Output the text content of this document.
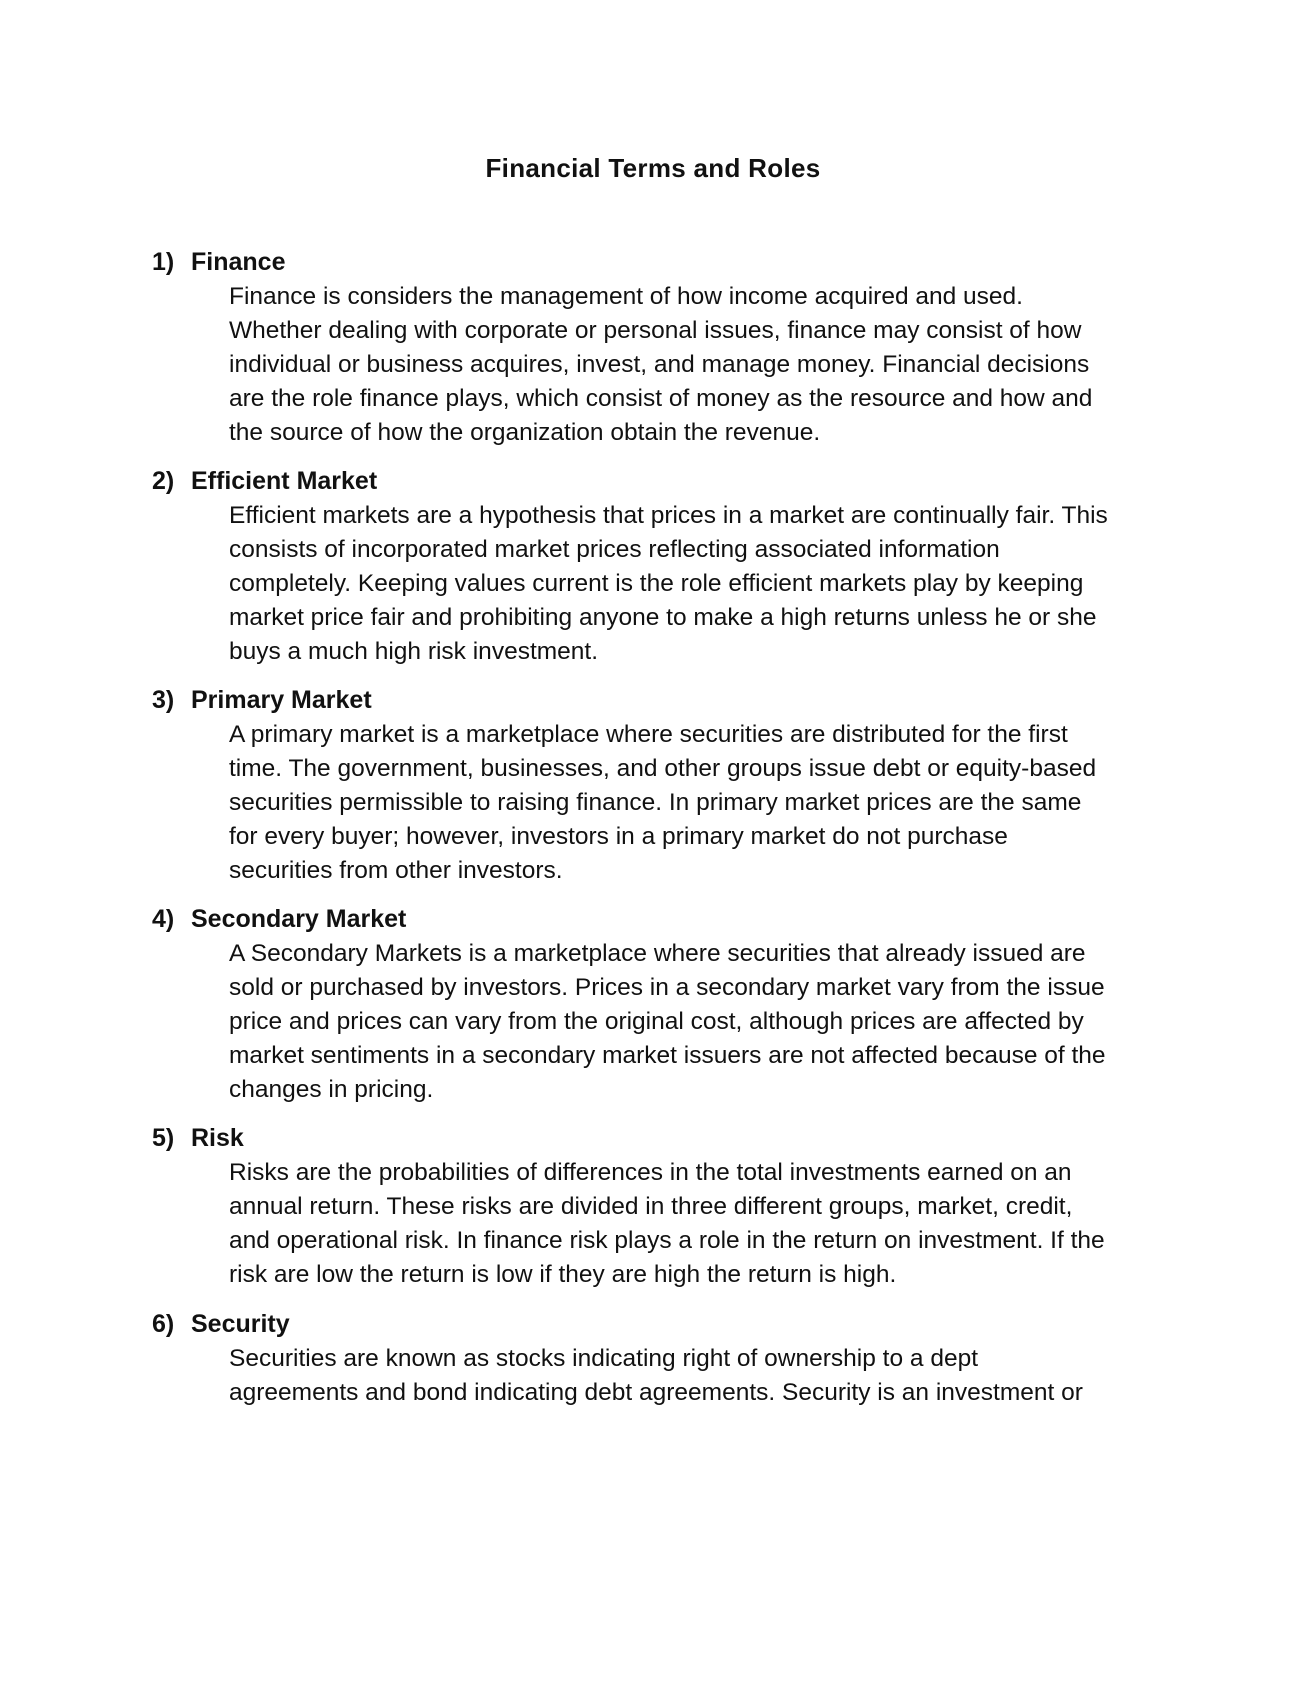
Financial Terms and Roles
1) Finance
Finance is considers the management of how income acquired and used.
Whether dealing with corporate or personal issues, finance may consist of how
individual or business acquires, invest, and manage money. Financial decisions
are the role finance plays, which consist of money as the resource and how and
the source of how the organization obtain the revenue.
2) Efficient Market
Efficient markets are a hypothesis that prices in a market are continually fair. This
consists of incorporated market prices reflecting associated information
completely. Keeping values current is the role efficient markets play by keeping
market price fair and prohibiting anyone to make a high returns unless he or she
buys a much high risk investment.
3) Primary Market
A primary market is a marketplace where securities are distributed for the first
time. The government, businesses, and other groups issue debt or equity-based
securities permissible to raising finance. In primary market prices are the same
for every buyer; however, investors in a primary market do not purchase
securities from other investors.
4) Secondary Market
A Secondary Markets is a marketplace where securities that already issued are
sold or purchased by investors. Prices in a secondary market vary from the issue
price and prices can vary from the original cost, although prices are affected by
market sentiments in a secondary market issuers are not affected because of the
changes in pricing.
5) Risk
Risks are the probabilities of differences in the total investments earned on an
annual return. These risks are divided in three different groups, market, credit,
and operational risk. In finance risk plays a role in the return on investment. If the
risk are low the return is low if they are high the return is high.
6) Security
Securities are known as stocks indicating right of ownership to a dept
agreements and bond indicating debt agreements. Security is an investment or
